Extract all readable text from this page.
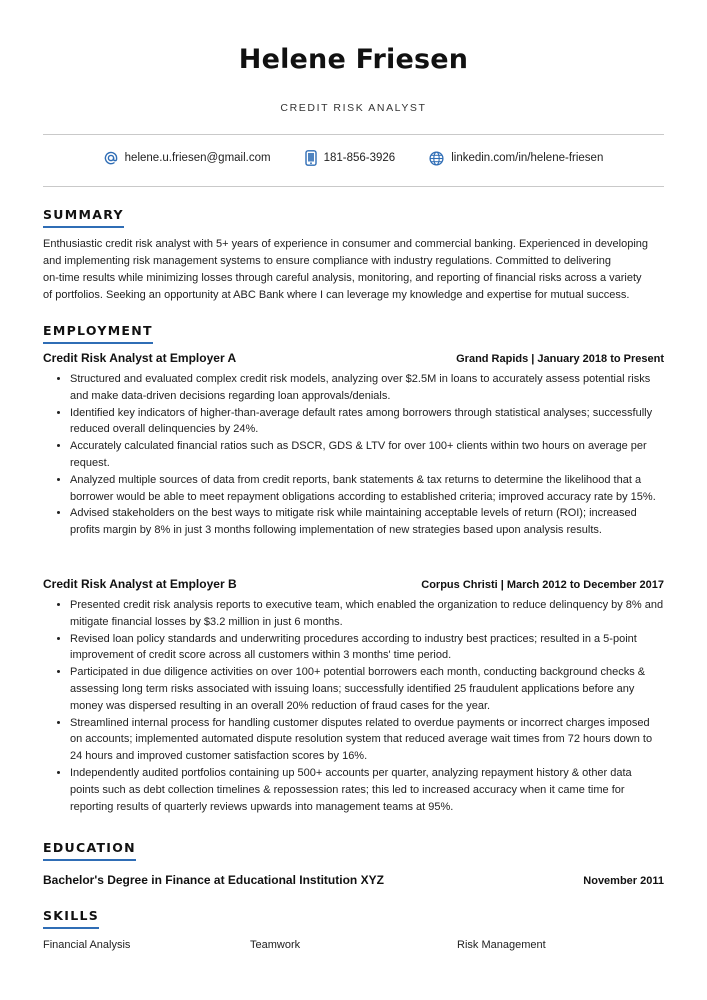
Helene Friesen
CREDIT RISK ANALYST
helene.u.friesen@gmail.com	181-856-3926	linkedin.com/in/helene-friesen
SUMMARY
Enthusiastic credit risk analyst with 5+ years of experience in consumer and commercial banking. Experienced in developing
and implementing risk management systems to ensure compliance with industry regulations. Committed to delivering
on-time results while minimizing losses through careful analysis, monitoring, and reporting of financial risks across a variety
of portfolios. Seeking an opportunity at ABC Bank where I can leverage my knowledge and expertise for mutual success.
EMPLOYMENT
Credit Risk Analyst at Employer A	Grand Rapids | January 2018 to Present
• Structured and evaluated complex credit risk models, analyzing over $2.5M in loans to accurately assess potential risks and make data-driven decisions regarding loan approvals/denials.
• Identified key indicators of higher-than-average default rates among borrowers through statistical analyses; successfully reduced overall delinquencies by 24%.
• Accurately calculated financial ratios such as DSCR, GDS & LTV for over 100+ clients within two hours on average per request.
• Analyzed multiple sources of data from credit reports, bank statements & tax returns to determine the likelihood that a borrower would be able to meet repayment obligations according to established criteria; improved accuracy rate by 15%.
• Advised stakeholders on the best ways to mitigate risk while maintaining acceptable levels of return (ROI); increased profits margin by 8% in just 3 months following implementation of new strategies based upon analysis results.
Credit Risk Analyst at Employer B	Corpus Christi | March 2012 to December 2017
• Presented credit risk analysis reports to executive team, which enabled the organization to reduce delinquency by 8% and mitigate financial losses by $3.2 million in just 6 months.
• Revised loan policy standards and underwriting procedures according to industry best practices; resulted in a 5-point improvement of credit score across all customers within 3 months' time period.
• Participated in due diligence activities on over 100+ potential borrowers each month, conducting background checks & assessing long term risks associated with issuing loans; successfully identified 25 fraudulent applications before any money was dispersed resulting in an overall 20% reduction of fraud cases for the year.
• Streamlined internal process for handling customer disputes related to overdue payments or incorrect charges imposed on accounts; implemented automated dispute resolution system that reduced average wait times from 72 hours down to 24 hours and improved customer satisfaction scores by 16%.
• Independently audited portfolios containing up 500+ accounts per quarter, analyzing repayment history & other data points such as debt collection timelines & repossession rates; this led to increased accuracy when it came time for reporting results of quarterly reviews upwards into management teams at 95%.
EDUCATION
Bachelor's Degree in Finance at Educational Institution XYZ	November 2011
SKILLS
Financial Analysis	Teamwork	Risk Management
